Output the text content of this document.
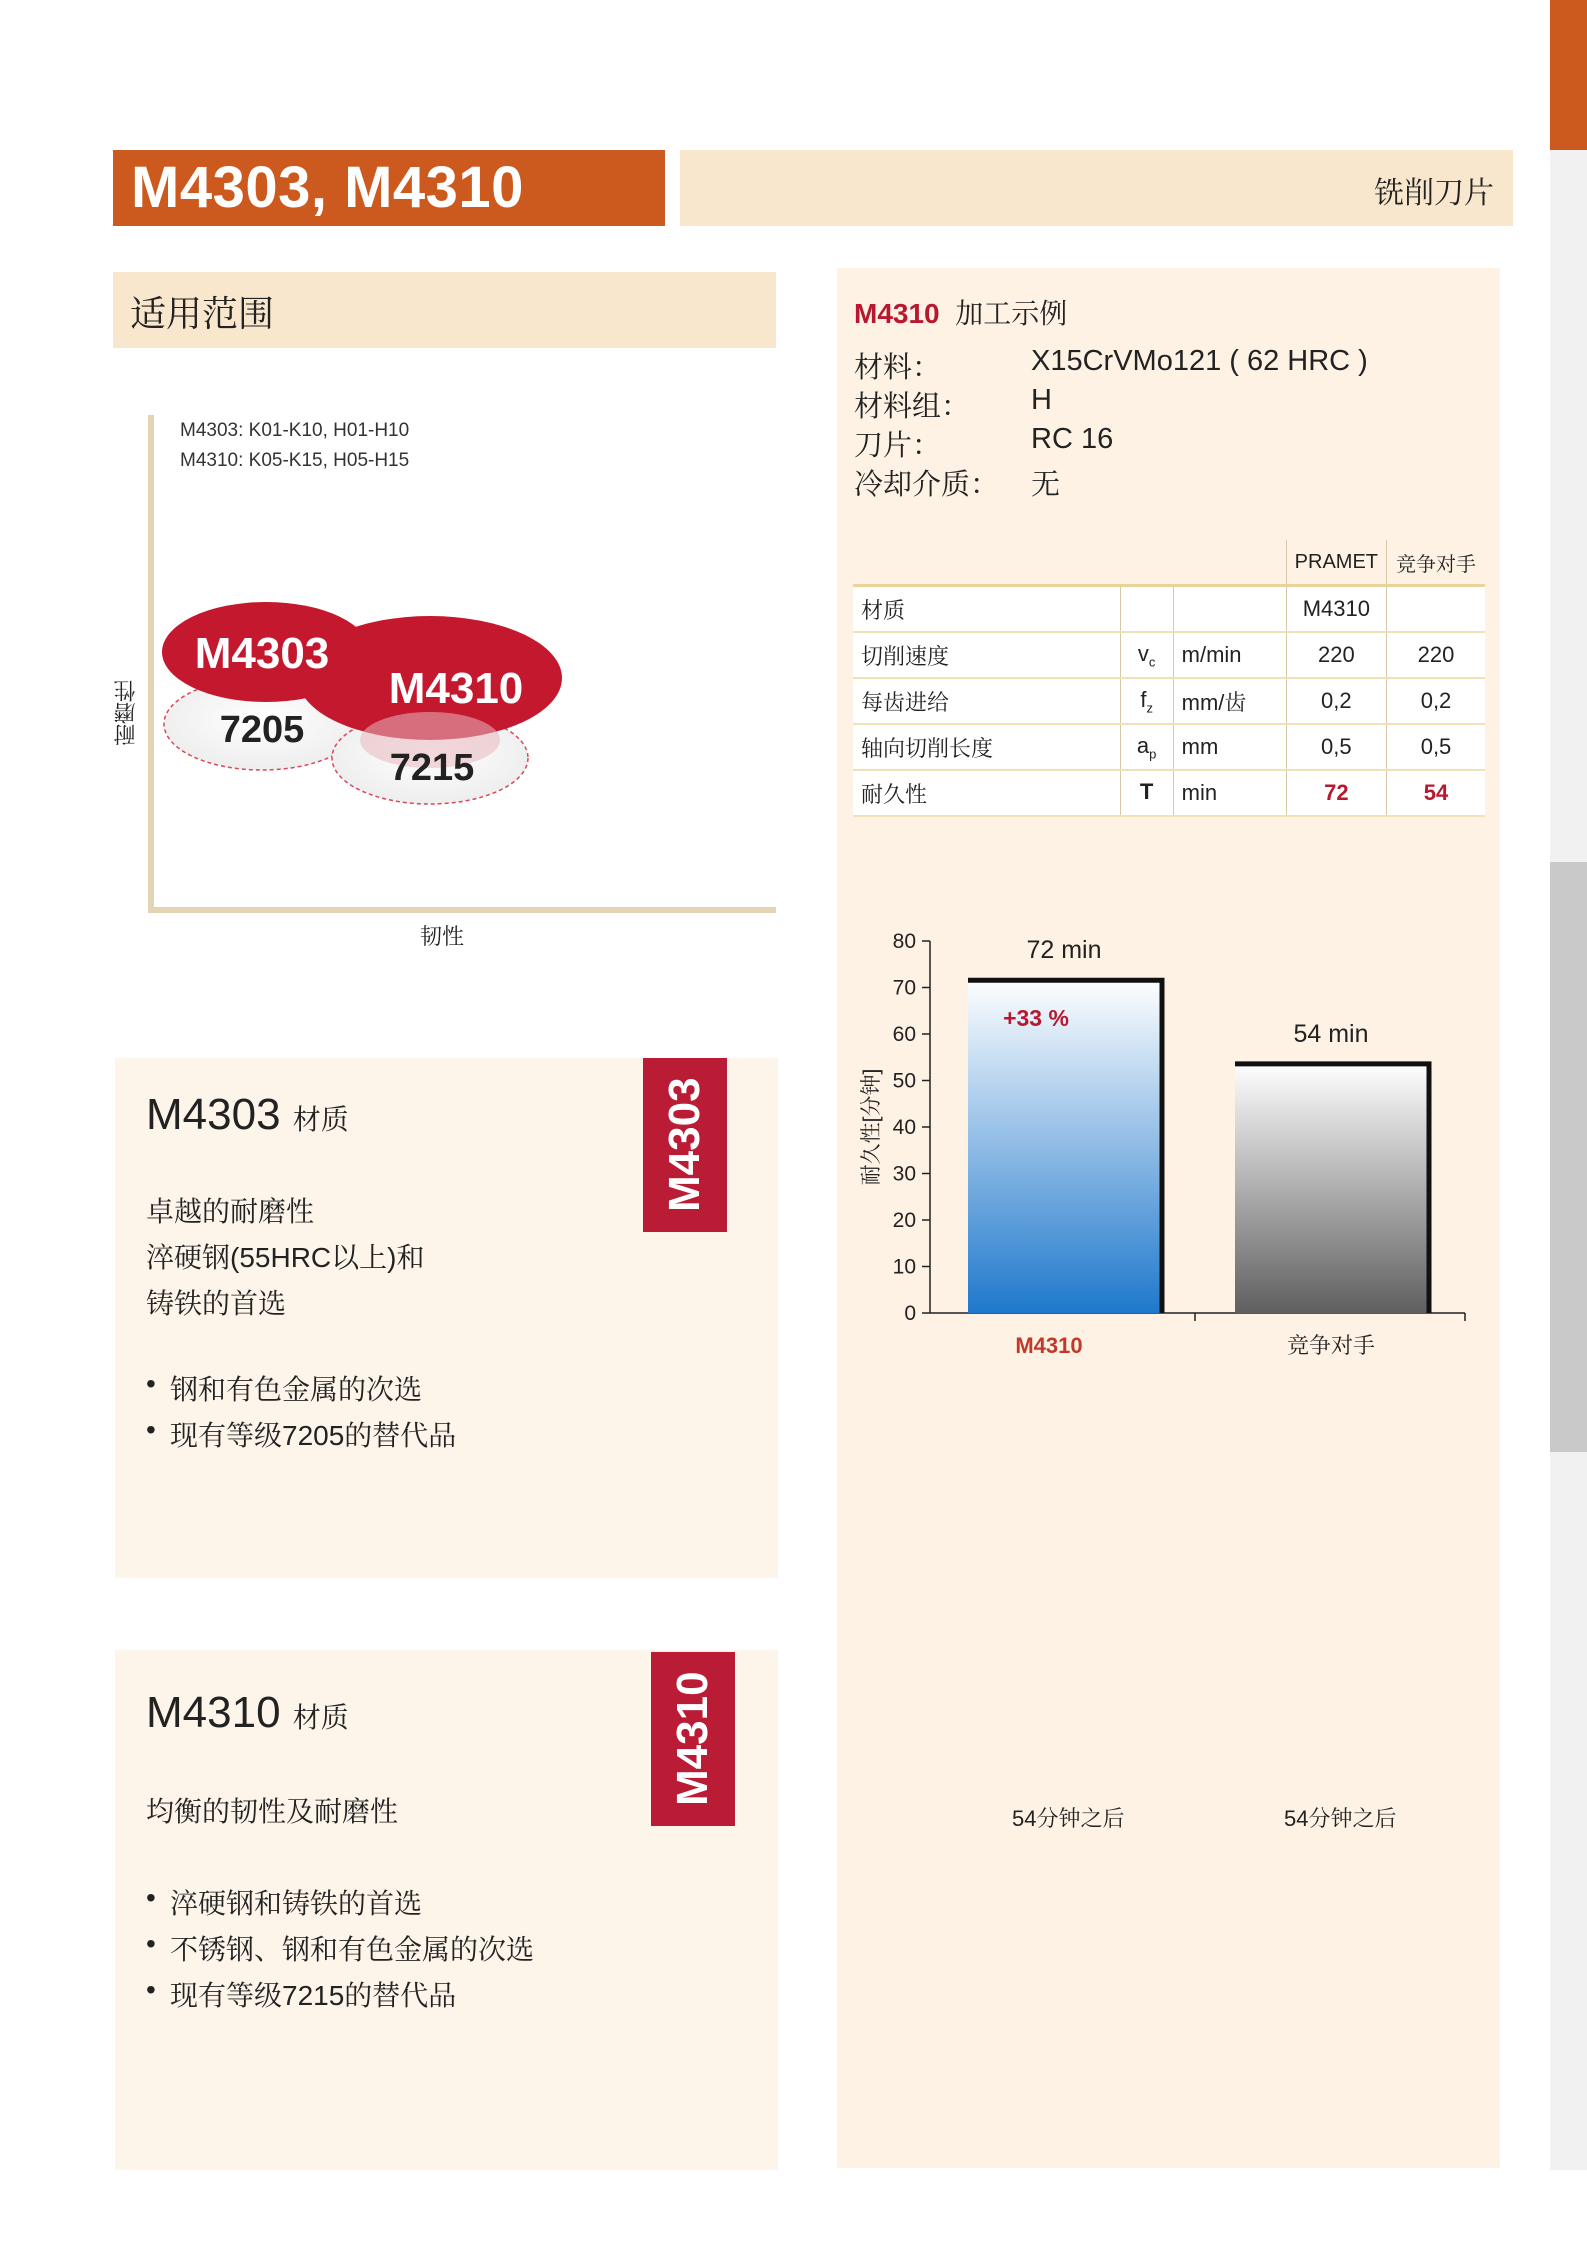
M4303, M4310	铣削刀片
适用范围
M4303: K01-K10, H01-H10
M4310: K05-K15, H05-H15
耐磨性
韧性
M4303
M4310
7205
7215
M4303 材质	M4303
卓越的耐磨性
淬硬钢(55HRC以上)和
铸铁的首选
• 钢和有色金属的次选
• 现有等级7205的替代品
M4310 材质	M4310
均衡的韧性及耐磨性
• 淬硬钢和铸铁的首选
• 不锈钢、钢和有色金属的次选
• 现有等级7215的替代品
M4310 加工示例
材料：	X15CrVMo121 ( 62 HRC )
材料组： H
刀片：	RC 16
冷却介质： 无
			PRAMET	竞争对手
材质			M4310	
切削速度	$v_c$	m/min	220	220
每齿进给	$f_z$	mm/齿	0,2	0,2
轴向切削长度	$a_p$	mm	0,5	0,5
耐久性	T	min	72	54
0
10
20
30
40
50
60
70
80
耐久性[分钟]
72 min
M4310
54 min
竞争对手
+33 %
54分钟之后	54分钟之后
